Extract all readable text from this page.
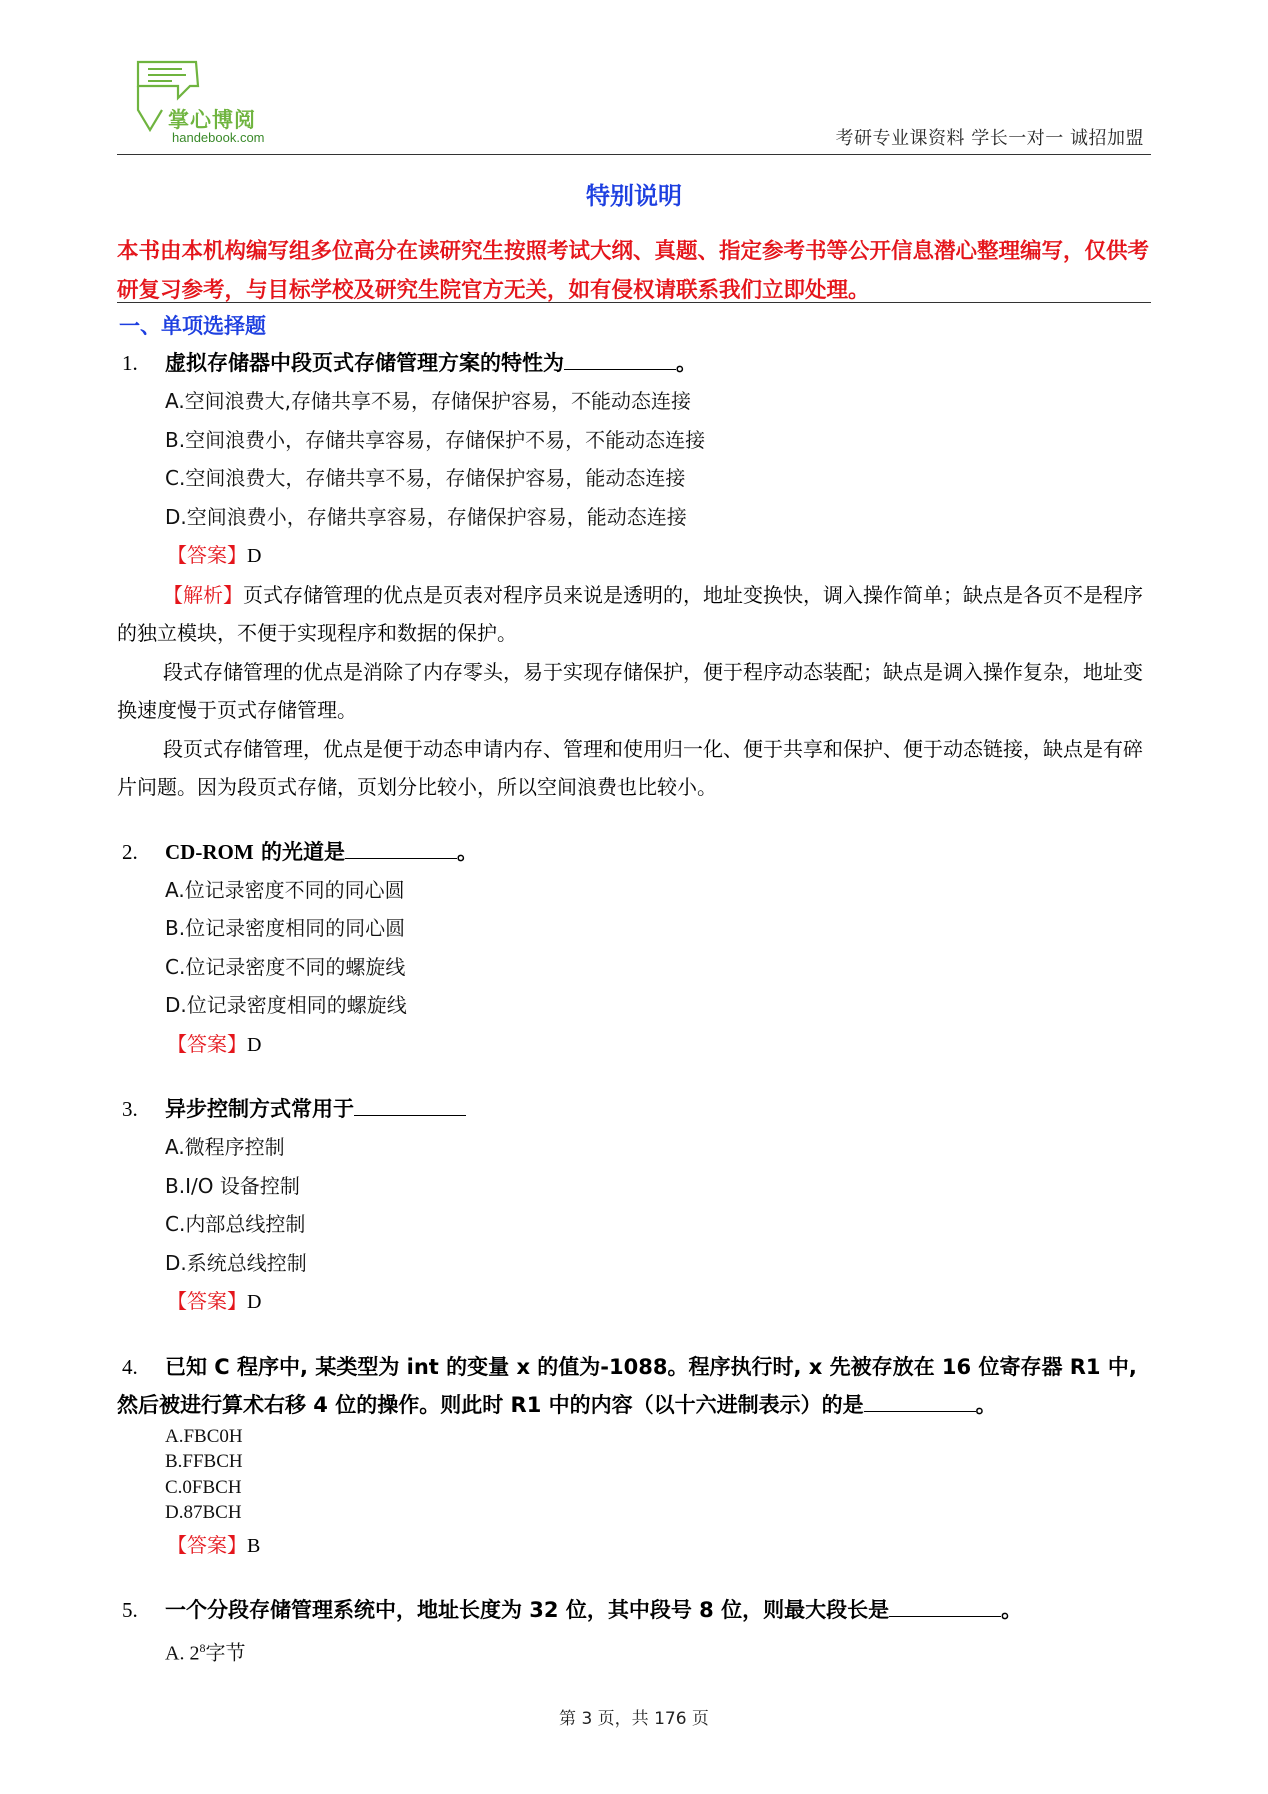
掌心博阅
handebook.com	考研专业课资料 学长一对一 诚招加盟
特别说明
本书由本机构编写组多位高分在读研究生按照考试大纲、真题、指定参考书等公开信息潜心整理编写，仅供考研复习参考，与目标学校及研究生院官方无关，如有侵权请联系我们立即处理。
一、单项选择题
1.	虚拟存储器中段页式存储管理方案的特性为	。
A.空间浪费大,存储共享不易，存储保护容易，不能动态连接
B.空间浪费小，存储共享容易，存储保护不易，不能动态连接
C.空间浪费大，存储共享不易，存储保护容易，能动态连接
D.空间浪费小，存储共享容易，存储保护容易，能动态连接
【答案】D
【解析】页式存储管理的优点是页表对程序员来说是透明的，地址变换快，调入操作简单；缺点是各页不是程序的独立模块，不便于实现程序和数据的保护。
段式存储管理的优点是消除了内存零头，易于实现存储保护，便于程序动态装配；缺点是调入操作复杂，地址变换速度慢于页式存储管理。
段页式存储管理，优点是便于动态申请内存、管理和使用归一化、便于共享和保护、便于动态链接，缺点是有碎片问题。因为段页式存储，页划分比较小，所以空间浪费也比较小。
2.	CD-ROM 的光道是	。
A.位记录密度不同的同心圆
B.位记录密度相同的同心圆
C.位记录密度不同的螺旋线
D.位记录密度相同的螺旋线
【答案】D
3.	异步控制方式常用于
A.微程序控制
B.I/O 设备控制
C.内部总线控制
D.系统总线控制
【答案】D
4.	已知 C 程序中, 某类型为 int 的变量 x 的值为-1088。程序执行时, x 先被存放在 16 位寄存器 R1 中, 然后被进行算术右移 4 位的操作。则此时 R1 中的内容（以十六进制表示）的是	。
A.FBC0H
B.FFBCH
C.0FBCH
D.87BCH
【答案】B
5.	一个分段存储管理系统中，地址长度为 32 位，其中段号 8 位，则最大段长是	。
A. $2^8$字节
第 3 页，共 176 页
